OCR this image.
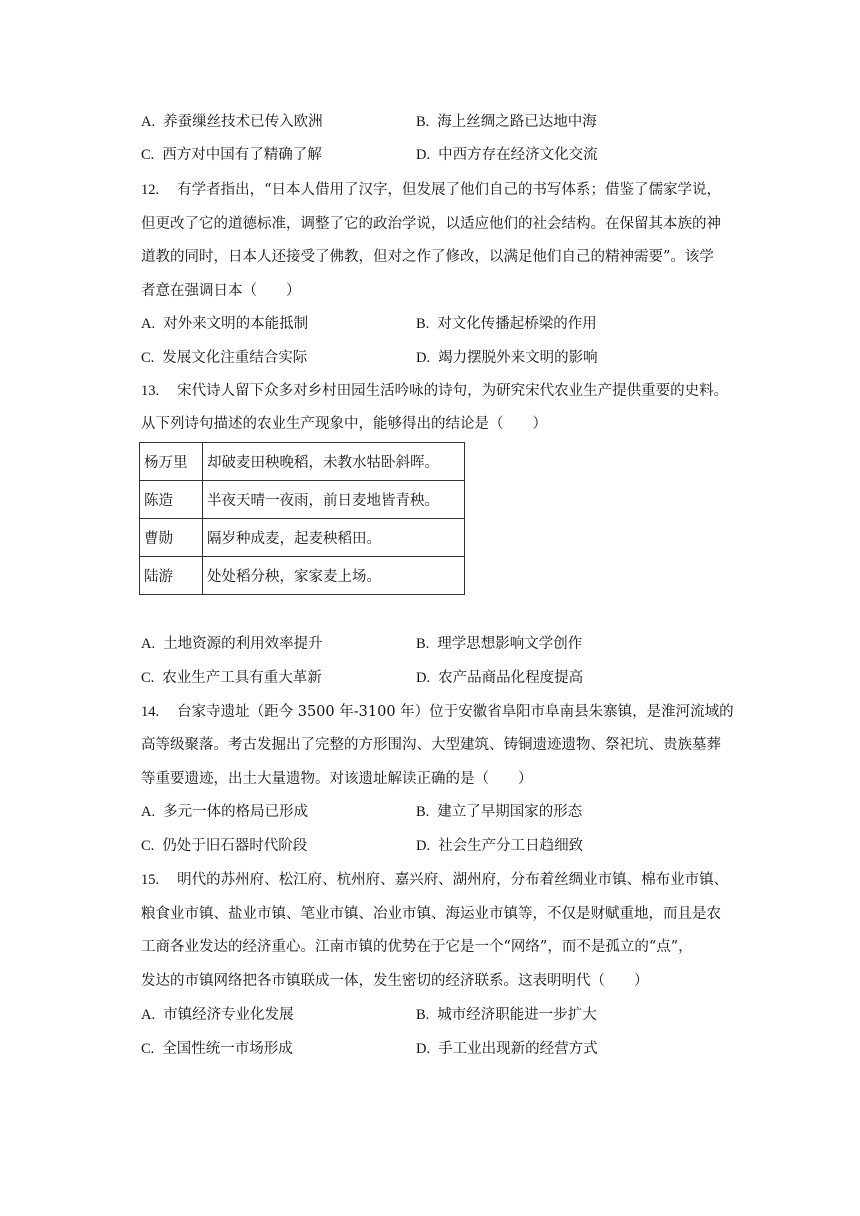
A. 养蚕缫丝技术已传入欧洲	B. 海上丝绸之路已达地中海
C. 西方对中国有了精确了解	D. 中西方存在经济文化交流
12. 有学者指出，“日本人借用了汉字，但发展了他们自己的书写体系；借鉴了儒家学说，
但更改了它的道德标准，调整了它的政治学说，以适应他们的社会结构。在保留其本族的神
道教的同时，日本人还接受了佛教，但对之作了修改，以满足他们自己的精神需要”。该学
者意在强调日本（　　）
A. 对外来文明的本能抵制	B. 对文化传播起桥梁的作用
C. 发展文化注重结合实际	D. 竭力摆脱外来文明的影响
13. 宋代诗人留下众多对乡村田园生活吟咏的诗句，为研究宋代农业生产提供重要的史料。
从下列诗句描述的农业生产现象中，能够得出的结论是（　　）
杨万里	却破麦田秧晚稻，未教水牯卧斜晖。
陈造	半夜天晴一夜雨，前日麦地皆青秧。
曹勋	隔岁种成麦，起麦秧稻田。
陆游	处处稻分秧，家家麦上场。
A. 土地资源的利用效率提升	B. 理学思想影响文学创作
C. 农业生产工具有重大革新	D. 农产品商品化程度提高
14. 台家寺遗址（距今 3500 年-3100 年）位于安徽省阜阳市阜南县朱寨镇，是淮河流域的
高等级聚落。考古发掘出了完整的方形围沟、大型建筑、铸铜遗迹遗物、祭祀坑、贵族墓葬
等重要遗迹，出土大量遗物。对该遗址解读正确的是（　　）
A. 多元一体的格局已形成	B. 建立了早期国家的形态
C. 仍处于旧石器时代阶段	D. 社会生产分工日趋细致
15. 明代的苏州府、松江府、杭州府、嘉兴府、湖州府，分布着丝绸业市镇、棉布业市镇、
粮食业市镇、盐业市镇、笔业市镇、冶业市镇、海运业市镇等，不仅是财赋重地，而且是农
工商各业发达的经济重心。江南市镇的优势在于它是一个“网络”，而不是孤立的“点”，
发达的市镇网络把各市镇联成一体，发生密切的经济联系。这表明明代（　　）
A. 市镇经济专业化发展	B. 城市经济职能进一步扩大
C. 全国性统一市场形成	D. 手工业出现新的经营方式
